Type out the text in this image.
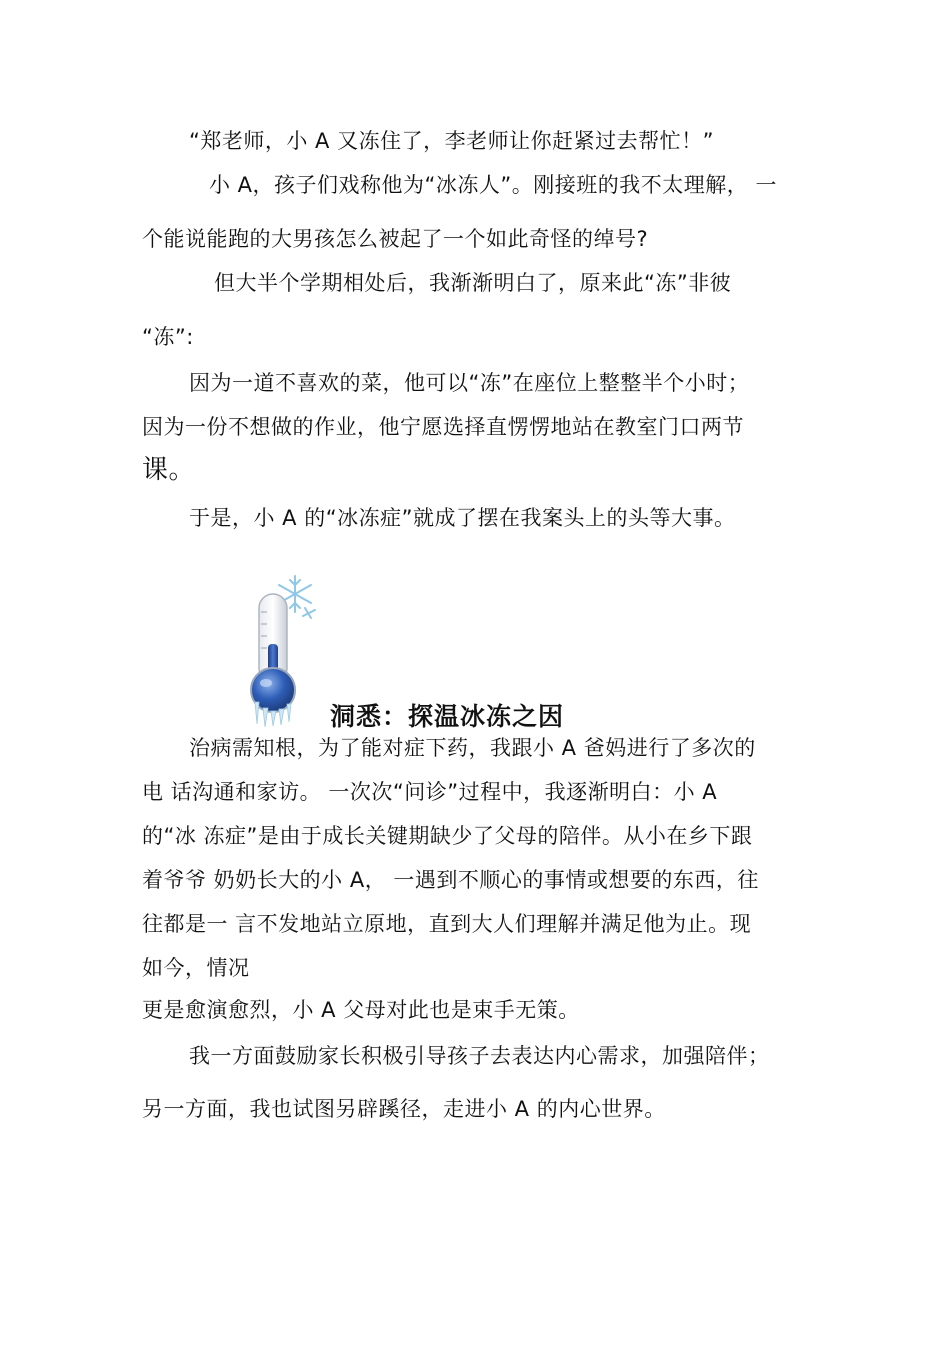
“郑老师，小 A 又冻住了，李老师让你赶紧过去帮忙！”
小 A，孩子们戏称他为“冰冻人”。刚接班的我不太理解， 一
个能说能跑的大男孩怎么被起了一个如此奇怪的绰号?
但大半个学期相处后，我渐渐明白了，原来此“冻”非彼
“冻”:
因为一道不喜欢的菜，他可以“冻”在座位上整整半个小时；
因为一份不想做的作业，他宁愿选择直愣愣地站在教室门口两节
课。
于是，小 A 的“冰冻症”就成了摆在我案头上的头等大事。
洞悉：探温冰冻之因
治病需知根，为了能对症下药，我跟小 A 爸妈进行了多次的
电 话沟通和家访。 一次次“问诊”过程中，我逐渐明白：小 A
的“冰 冻症”是由于成长关键期缺少了父母的陪伴。从小在乡下跟
着爷爷 奶奶长大的小 A， 一遇到不顺心的事情或想要的东西，往
往都是一 言不发地站立原地，直到大人们理解并满足他为止。现
如今，情况
更是愈演愈烈，小 A 父母对此也是束手无策。
我一方面鼓励家长积极引导孩子去表达内心需求，加强陪伴；
另一方面，我也试图另辟蹊径，走进小 A 的内心世界。
